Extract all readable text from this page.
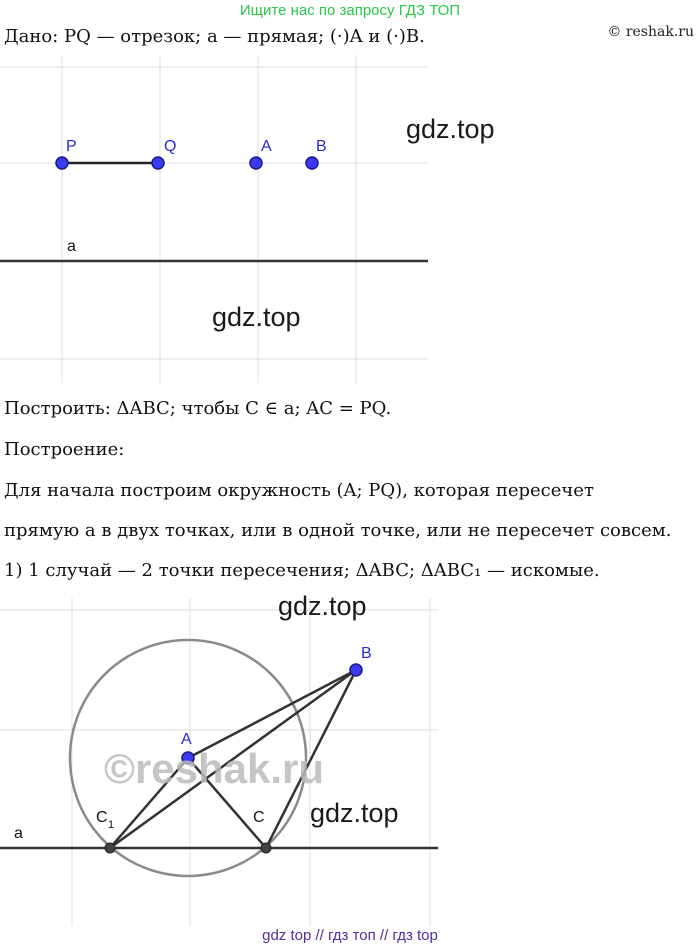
Ищите нас по запросу ГДЗ ТОП
© reshak.ru
Дано: PQ — отрезок; a — прямая; (·)A и (·)B.
a
P	Q	A	B
gdz.top
gdz.top
Построить: ΔABC; чтобы C ∈ a; AC = PQ.
Построение:
Для начала построим окружность (A; PQ), которая пересечет
прямую a в двух точках, или в одной точке, или не пересечет совсем.
1) 1 случай — 2 точки пересечения; ΔABC; ΔABC₁ — искомые.
a
A
B
C
C 1
©reshak.ru
gdz.top
gdz.top
gdz top // гдз топ // гдз top
